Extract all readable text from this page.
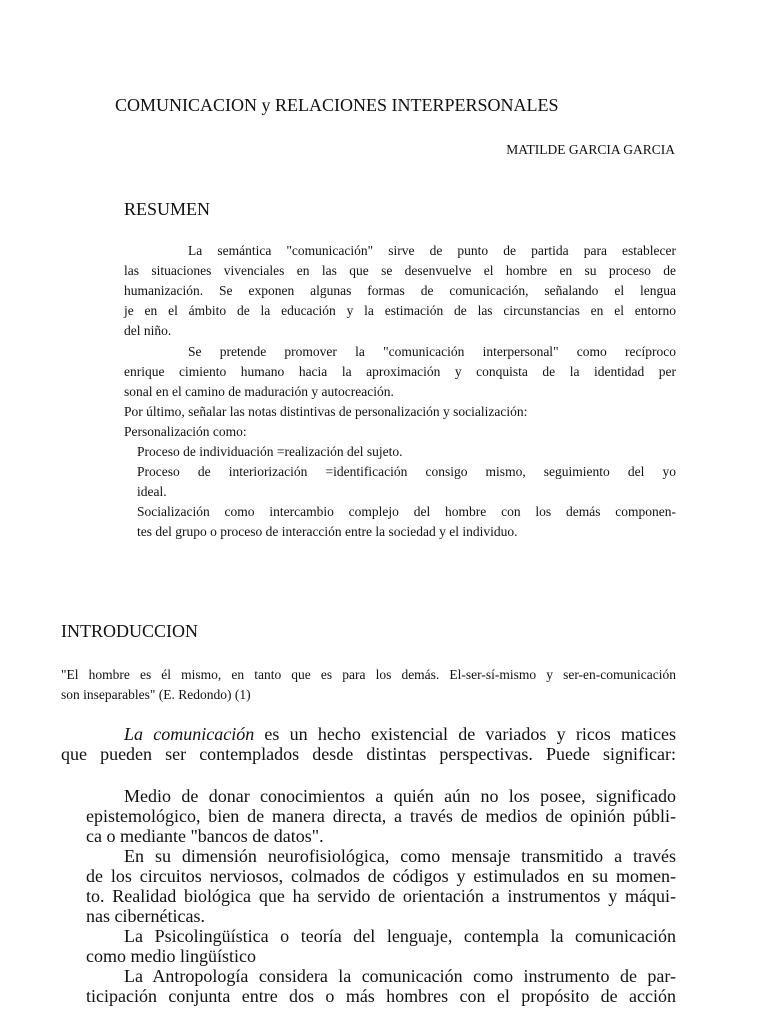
COMUNICACION y RELACIONES INTERPERSONALES
MATILDE GARCIA GARCIA
RESUMEN
La semántica "comunicación" sirve de punto de partida para establecer
las situaciones vivenciales en las que se desenvuelve el hombre en su proceso de
humanización. Se exponen algunas formas de comunicación, señalando el lengua
je en el ámbito de la educación y la estimación de las circunstancias en el entorno
del niño.
Se pretende promover la "comunicación interpersonal" como recíproco
enrique cimiento humano hacia la aproximación y conquista de la identidad per
sonal en el camino de maduración y autocreación.
Por último, señalar las notas distintivas de personalización y socialización:
Personalización como:
Proceso de individuación =realización del sujeto.
Proceso de interiorización =identificación consigo mismo, seguimiento del yo
ideal.
Socialización como intercambio complejo del hombre con los demás componen-
tes del grupo o proceso de interacción entre la sociedad y el individuo.
INTRODUCCION
"El hombre es él mismo, en tanto que es para los demás. El-ser-sí-mismo y ser-en-comunicación
son inseparables" (E. Redondo) (1)
La comunicación es un hecho existencial de variados y ricos matices
que pueden ser contemplados desde distintas perspectivas. Puede significar:
Medio de donar conocimientos a quién aún no los posee, significado
epistemológico, bien de manera directa, a través de medios de opinión públi-
ca o mediante "bancos de datos".
En su dimensión neurofisiológica, como mensaje transmitido a través
de los circuitos nerviosos, colmados de códigos y estimulados en su momen-
to. Realidad biológica que ha servido de orientación a instrumentos y máqui-
nas cibernéticas.
La Psicolingüística o teoría del lenguaje, contempla la comunicación
como medio lingüístico
La Antropología considera la comunicación como instrumento de par-
ticipación conjunta entre dos o más hombres con el propósito de acción
